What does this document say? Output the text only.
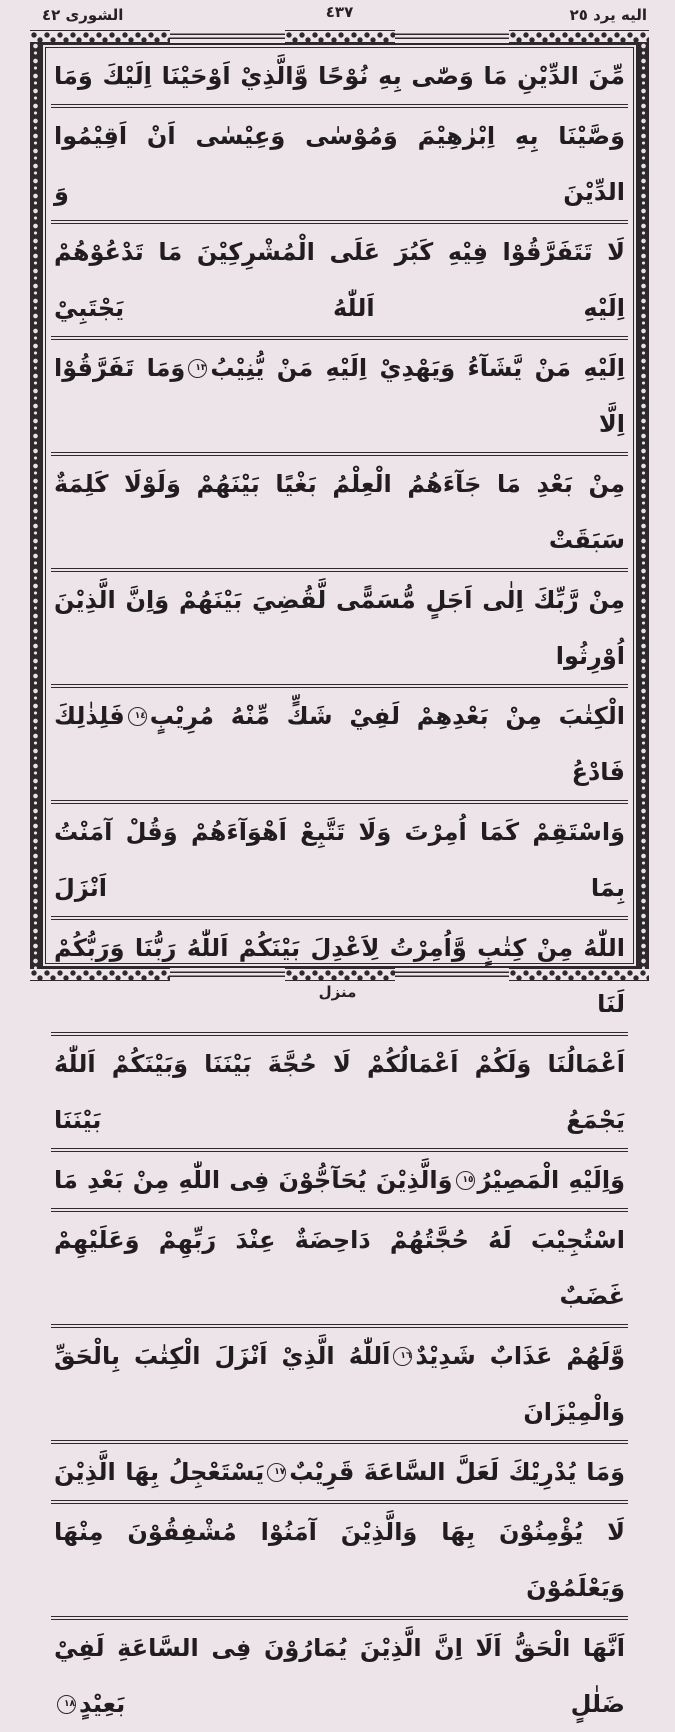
الشورى ٤٢	٤٣٧	اليه يرد ٢٥
مِّنَ الدِّيْنِ مَا وَصّٰى بِهِ نُوْحًا وَّالَّذِيْ اَوْحَيْنَا اِلَيْكَ وَمَا
وَصَّيْنَا بِهِ اِبْرٰهِيْمَ وَمُوْسٰى وَعِيْسٰى اَنْ اَقِيْمُوا الدِّيْنَ وَ
لَا تَتَفَرَّقُوْا فِيْهِ كَبُرَ عَلَى الْمُشْرِكِيْنَ مَا تَدْعُوْهُمْ اِلَيْهِ اَللّٰهُ يَجْتَبِيْ
اِلَيْهِ مَنْ يَّشَآءُ وَيَهْدِيْ اِلَيْهِ مَنْ يُّنِيْبُ١٣وَمَا تَفَرَّقُوْا اِلَّا
مِنْ بَعْدِ مَا جَآءَهُمُ الْعِلْمُ بَغْيًا بَيْنَهُمْ وَلَوْلَا كَلِمَةٌ سَبَقَتْ
مِنْ رَّبِّكَ اِلٰى اَجَلٍ مُّسَمًّى لَّقُضِيَ بَيْنَهُمْ وَاِنَّ الَّذِيْنَ اُوْرِثُوا
الْكِتٰبَ مِنْ بَعْدِهِمْ لَفِيْ شَكٍّ مِّنْهُ مُرِيْبٍ١٤فَلِذٰلِكَ فَادْعُ
وَاسْتَقِمْ كَمَا اُمِرْتَ وَلَا تَتَّبِعْ اَهْوَآءَهُمْ وَقُلْ آمَنْتُ بِمَا اَنْزَلَ
اللّٰهُ مِنْ كِتٰبٍ وَّاُمِرْتُ لِاَعْدِلَ بَيْنَكُمْ اَللّٰهُ رَبُّنَا وَرَبُّكُمْ لَنَا
اَعْمَالُنَا وَلَكُمْ اَعْمَالُكُمْ لَا حُجَّةَ بَيْنَنَا وَبَيْنَكُمْ اَللّٰهُ يَجْمَعُ بَيْنَنَا
وَاِلَيْهِ الْمَصِيْرُ١٥وَالَّذِيْنَ يُحَآجُّوْنَ فِى اللّٰهِ مِنْ بَعْدِ مَا
اسْتُجِيْبَ لَهُ حُجَّتُهُمْ دَاحِضَةٌ عِنْدَ رَبِّهِمْ وَعَلَيْهِمْ غَضَبٌ
وَّلَهُمْ عَذَابٌ شَدِيْدٌ١٦اَللّٰهُ الَّذِيْ اَنْزَلَ الْكِتٰبَ بِالْحَقِّ وَالْمِيْزَانَ
وَمَا يُدْرِيْكَ لَعَلَّ السَّاعَةَ قَرِيْبٌ١٧يَسْتَعْجِلُ بِهَا الَّذِيْنَ
لَا يُؤْمِنُوْنَ بِهَا وَالَّذِيْنَ آمَنُوْا مُشْفِقُوْنَ مِنْهَا وَيَعْلَمُوْنَ
اَنَّهَا الْحَقُّ اَلَا اِنَّ الَّذِيْنَ يُمَارُوْنَ فِى السَّاعَةِ لَفِيْ ضَلٰلٍ بَعِيْدٍ١٨
منزل
